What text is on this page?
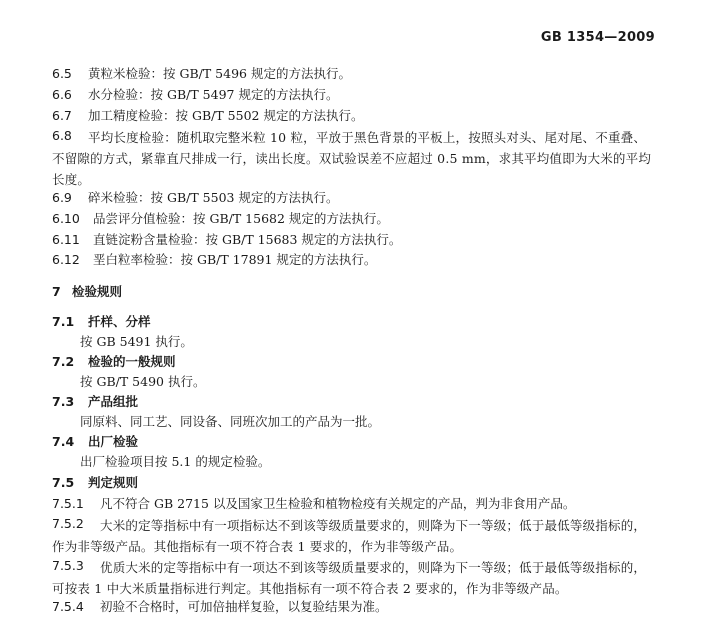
GB 1354—2009
6.5 黄粒米检验：按 GB/T 5496 规定的方法执行。
6.6 水分检验：按 GB/T 5497 规定的方法执行。
6.7 加工精度检验：按 GB/T 5502 规定的方法执行。
6.8	平均长度检验：随机取完整米粒 10 粒，平放于黑色背景的平板上，按照头对头、尾对尾、不重叠、不留隙的方式，紧靠直尺排成一行，读出长度。双试验误差不应超过 0.5 mm，求其平均值即为大米的平均长度。
6.9 碎米检验：按 GB/T 5503 规定的方法执行。
6.10 品尝评分值检验：按 GB/T 15682 规定的方法执行。
6.11 直链淀粉含量检验：按 GB/T 15683 规定的方法执行。
6.12 垩白粒率检验：按 GB/T 17891 规定的方法执行。
7 检验规则
7.1 扦样、分样
按 GB 5491 执行。
7.2 检验的一般规则
按 GB/T 5490 执行。
7.3 产品组批
同原料、同工艺、同设备、同班次加工的产品为一批。
7.4 出厂检验
出厂检验项目按 5.1 的规定检验。
7.5 判定规则
7.5.1 凡不符合 GB 2715 以及国家卫生检验和植物检疫有关规定的产品，判为非食用产品。
7.5.2	大米的定等指标中有一项指标达不到该等级质量要求的，则降为下一等级；低于最低等级指标的，作为非等级产品。其他指标有一项不符合表 1 要求的，作为非等级产品。
7.5.3	优质大米的定等指标中有一项达不到该等级质量要求的，则降为下一等级；低于最低等级指标的，可按表 1 中大米质量指标进行判定。其他指标有一项不符合表 2 要求的，作为非等级产品。
7.5.4 初验不合格时，可加倍抽样复验，以复验结果为准。
